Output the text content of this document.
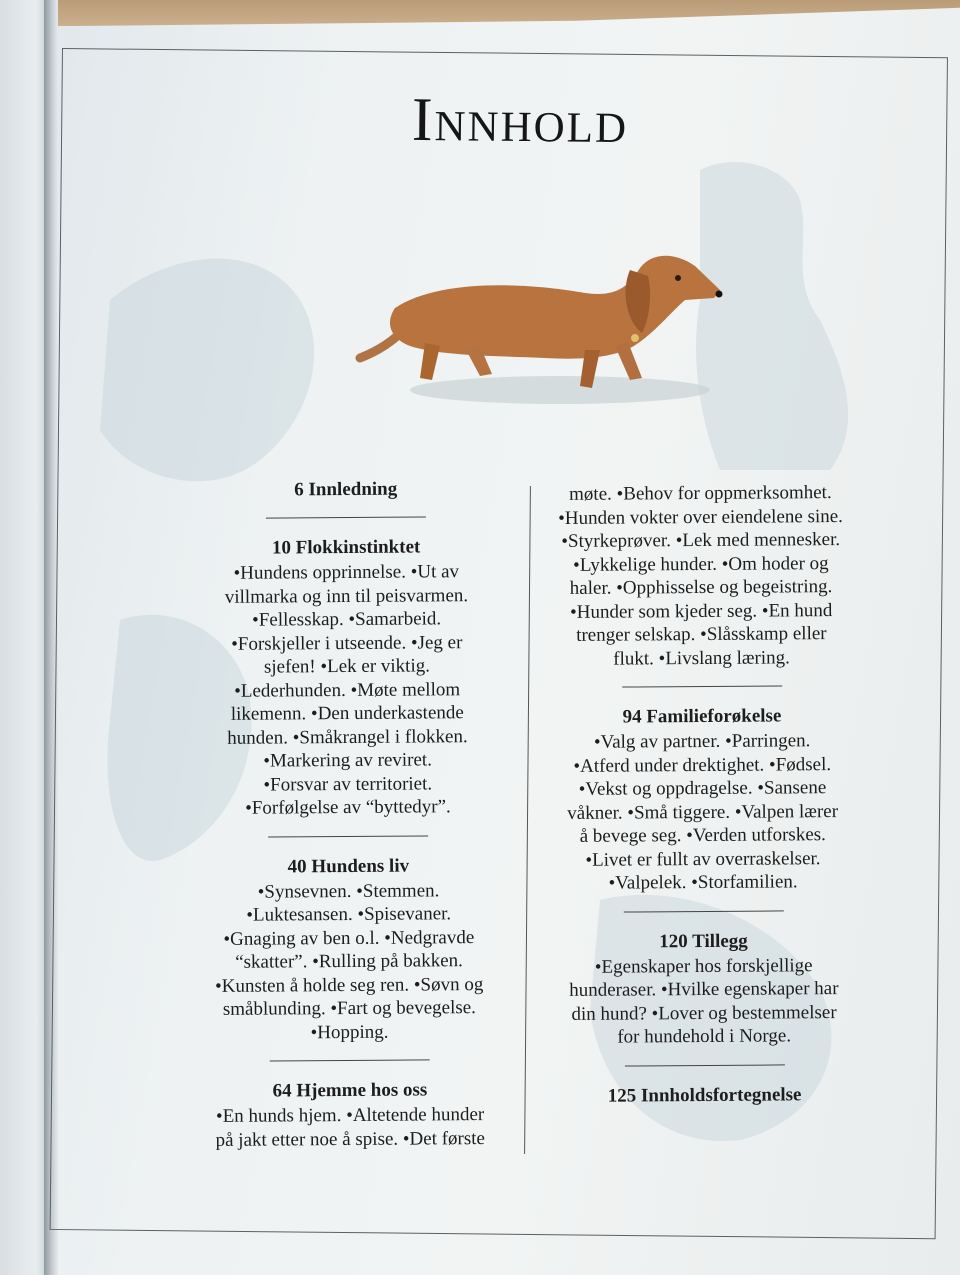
Innhold
6 Innledning
10 Flokkinstinktet
•Hundens opprinnelse. •Ut av
villmarka og inn til peisvarmen.
•Fellesskap. •Samarbeid.
•Forskjeller i utseende. •Jeg er
sjefen! •Lek er viktig.
•Lederhunden. •Møte mellom
likemenn. •Den underkastende
hunden. •Småkrangel i flokken.
•Markering av reviret.
•Forsvar av territoriet.
•Forfølgelse av “byttedyr”.
40 Hundens liv
•Synsevnen. •Stemmen.
•Luktesansen. •Spisevaner.
•Gnaging av ben o.l. •Nedgravde
“skatter”. •Rulling på bakken.
•Kunsten å holde seg ren. •Søvn og
småblunding. •Fart og bevegelse.
•Hopping.
64 Hjemme hos oss
•En hunds hjem. •Altetende hunder
på jakt etter noe å spise. •Det første
møte. •Behov for oppmerksomhet.
•Hunden vokter over eiendelene sine.
•Styrkeprøver. •Lek med mennesker.
•Lykkelige hunder. •Om hoder og
haler. •Opphisselse og begeistring.
•Hunder som kjeder seg. •En hund
trenger selskap. •Slåsskamp eller
flukt. •Livslang læring.
94 Familieforøkelse
•Valg av partner. •Parringen.
•Atferd under drektighet. •Fødsel.
•Vekst og oppdragelse. •Sansene
våkner. •Små tiggere. •Valpen lærer
å bevege seg. •Verden utforskes.
•Livet er fullt av overraskelser.
•Valpelek. •Storfamilien.
120 Tillegg
•Egenskaper hos forskjellige
hunderaser. •Hvilke egenskaper har
din hund? •Lover og bestemmelser
for hundehold i Norge.
125 Innholdsfortegnelse
